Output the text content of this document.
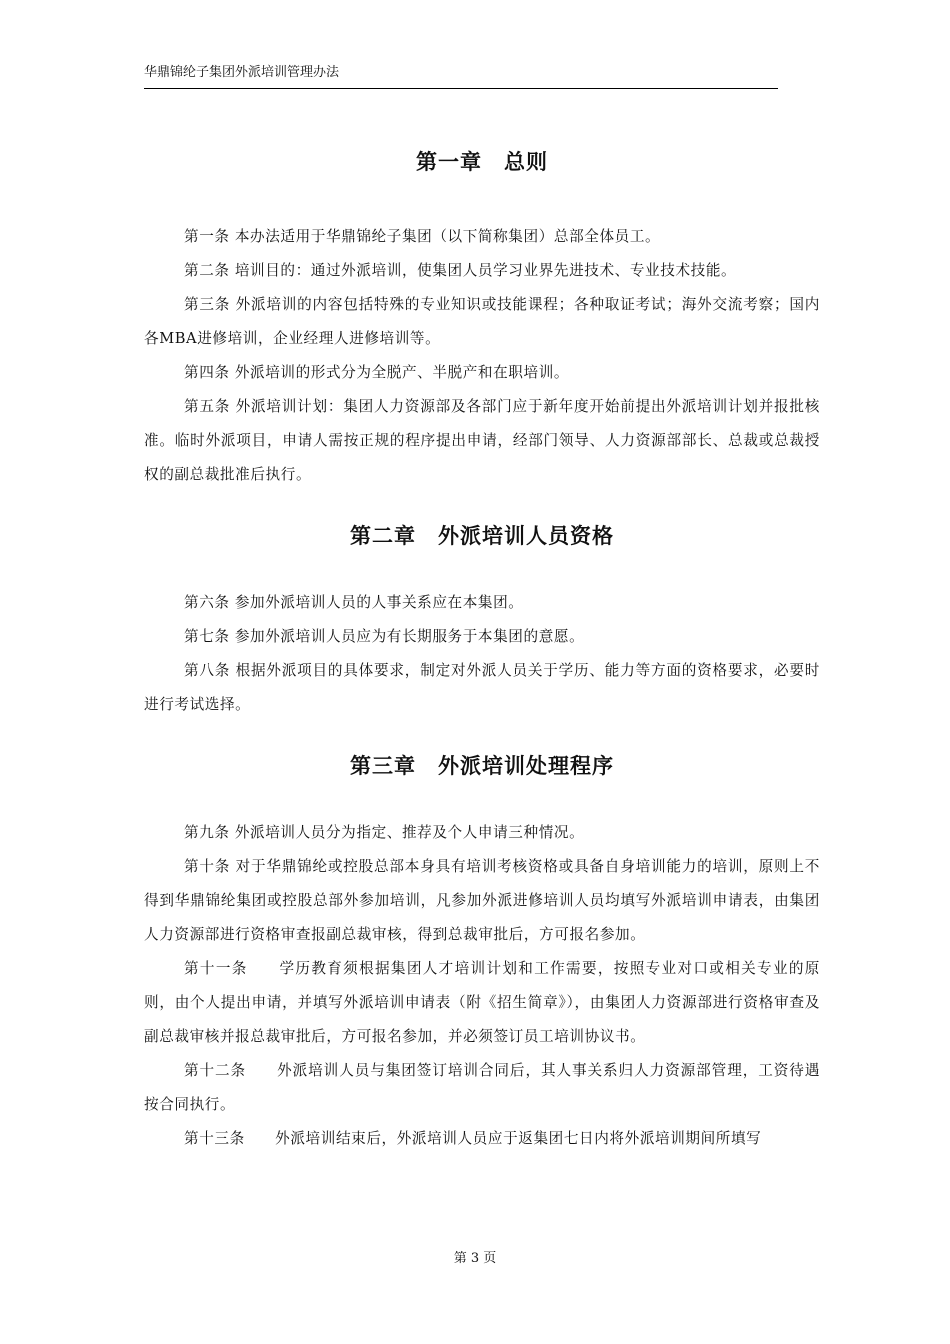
华鼎锦纶子集团外派培训管理办法
第一章　总则

第一条 本办法适用于华鼎锦纶子集团（以下简称集团）总部全体员工。

第二条 培训目的：通过外派培训，使集团人员学习业界先进技术、专业技术技能。

第三条 外派培训的内容包括特殊的专业知识或技能课程；各种取证考试；海外交流考察；国内各MBA进修培训，企业经理人进修培训等。

第四条 外派培训的形式分为全脱产、半脱产和在职培训。

第五条 外派培训计划：集团人力资源部及各部门应于新年度开始前提出外派培训计划并报批核准。临时外派项目，申请人需按正规的程序提出申请，经部门领导、人力资源部部长、总裁或总裁授权的副总裁批准后执行。

第二章　外派培训人员资格

第六条 参加外派培训人员的人事关系应在本集团。

第七条 参加外派培训人员应为有长期服务于本集团的意愿。

第八条 根据外派项目的具体要求，制定对外派人员关于学历、能力等方面的资格要求，必要时进行考试选择。

第三章　外派培训处理程序

第九条 外派培训人员分为指定、推荐及个人申请三种情况。

第十条 对于华鼎锦纶或控股总部本身具有培训考核资格或具备自身培训能力的培训，原则上不得到华鼎锦纶集团或控股总部外参加培训，凡参加外派进修培训人员均填写外派培训申请表，由集团人力资源部进行资格审查报副总裁审核，得到总裁审批后，方可报名参加。

第十一条　　学历教育须根据集团人才培训计划和工作需要，按照专业对口或相关专业的原则，由个人提出申请，并填写外派培训申请表（附《招生简章》），由集团人力资源部进行资格审查及副总裁审核并报总裁审批后，方可报名参加，并必须签订员工培训协议书。

第十二条　　外派培训人员与集团签订培训合同后，其人事关系归人力资源部管理，工资待遇按合同执行。

第十三条　　外派培训结束后，外派培训人员应于返集团七日内将外派培训期间所填写

第 3 页
